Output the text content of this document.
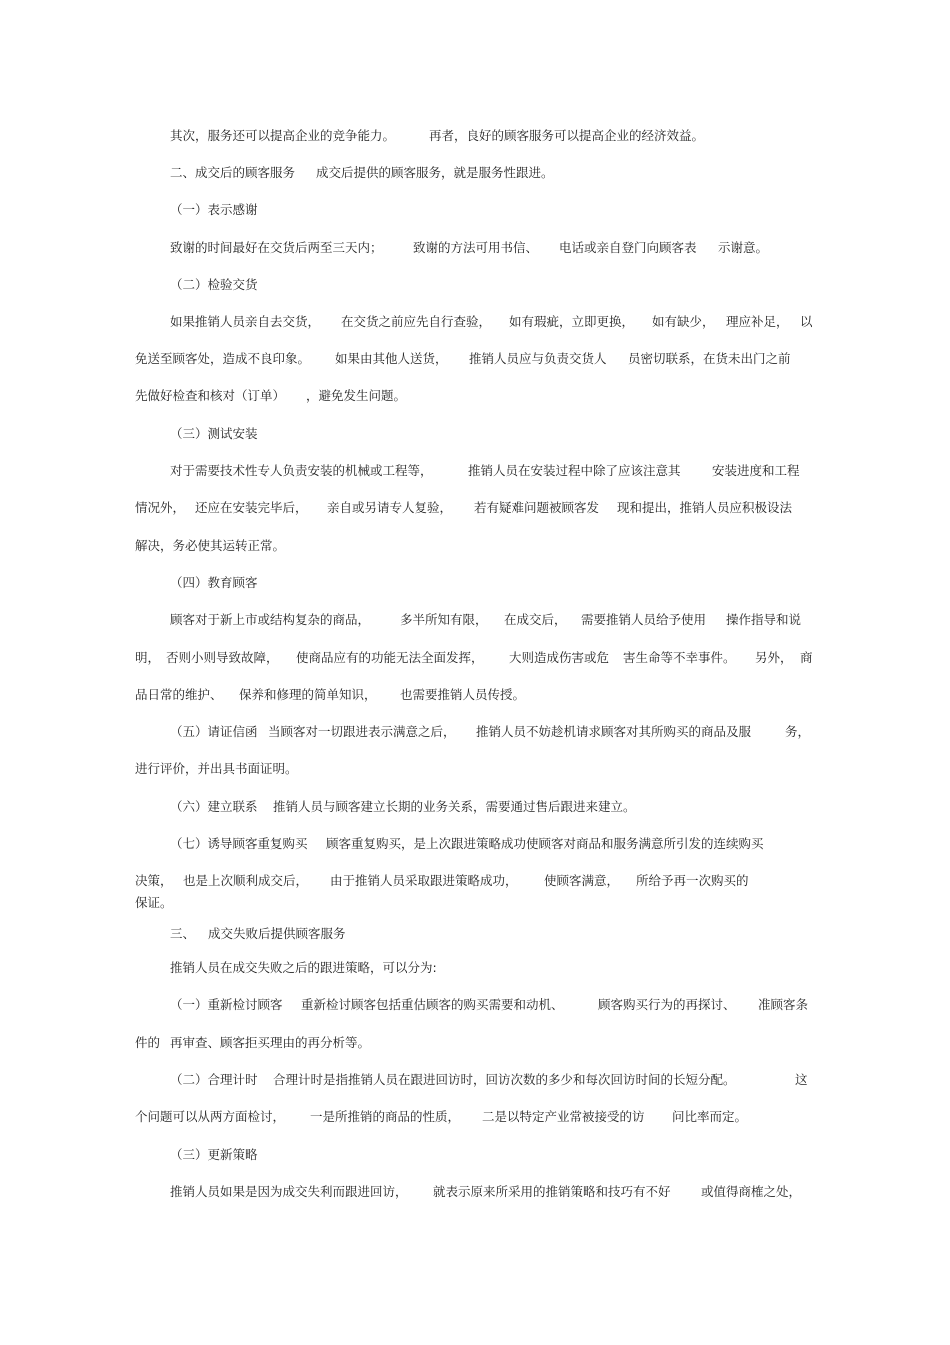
其次，服务还可以提高企业的竞争能力。	再者，良好的顾客服务可以提高企业的经济效益。
二、成交后的顾客服务 成交后提供的顾客服务，就是服务性跟进。
（一）表示感谢
致谢的时间最好在交货后两至三天内； 致谢的方法可用书信、 电话或亲自登门向顾客表 示谢意。
（二）检验交货
如果推销人员亲自去交货， 在交货之前应先自行查验， 如有瑕疵，立即更换， 如有缺少， 理应补足， 以
免送至顾客处，造成不良印象。 如果由其他人送货， 推销人员应与负责交货人 员密切联系，在货未出门之前
先做好检查和核对（订单） ，避免发生问题。
（三）测试安装
对于需要技术性专人负责安装的机械或工程等，	推销人员在安装过程中除了应该注意其	安装进度和工程
情况外， 还应在安装完毕后， 亲自或另请专人复验， 若有疑难问题被顾客发 现和提出，推销人员应积极设法
解决，务必使其运转正常。
（四）教育顾客
顾客对于新上市或结构复杂的商品， 多半所知有限， 在成交后， 需要推销人员给予使用 操作指导和说
明， 否则小则导致故障， 使商品应有的功能无法全面发挥， 大则造成伤害或危 害生命等不幸事件。 另外， 商
品日常的维护、 保养和修理的简单知识， 也需要推销人员传授。
（五）请证信函 当顾客对一切跟进表示满意之后， 推销人员不妨趁机请求顾客对其所购买的商品及服	务，
进行评价，并出具书面证明。
（六）建立联系 推销人员与顾客建立长期的业务关系，需要通过售后跟进来建立。
（七）诱导顾客重复购买 顾客重复购买，是上次跟进策略成功使顾客对商品和服务满意所引发的连续购买
决策， 也是上次顺利成交后， 由于推销人员采取跟进策略成功， 使顾客满意， 所给予再一次购买的
保证。
三、 成交失败后提供顾客服务
推销人员在成交失败之后的跟进策略，可以分为:
（一）重新检讨顾客 重新检讨顾客包括重估顾客的购买需要和动机、	顾客购买行为的再探讨、 准顾客条
件的 再审查、顾客拒买理由的再分析等。
（二）合理计时 合理计时是指推销人员在跟进回访时，回访次数的多少和每次回访时间的长短分配。	这
个问题可以从两方面检讨， 一是所推销的商品的性质， 二是以特定产业常被接受的访 问比率而定。
（三）更新策略
推销人员如果是因为成交失利而跟进回访， 就表示原来所采用的推销策略和技巧有不好 或值得商榷之处，
